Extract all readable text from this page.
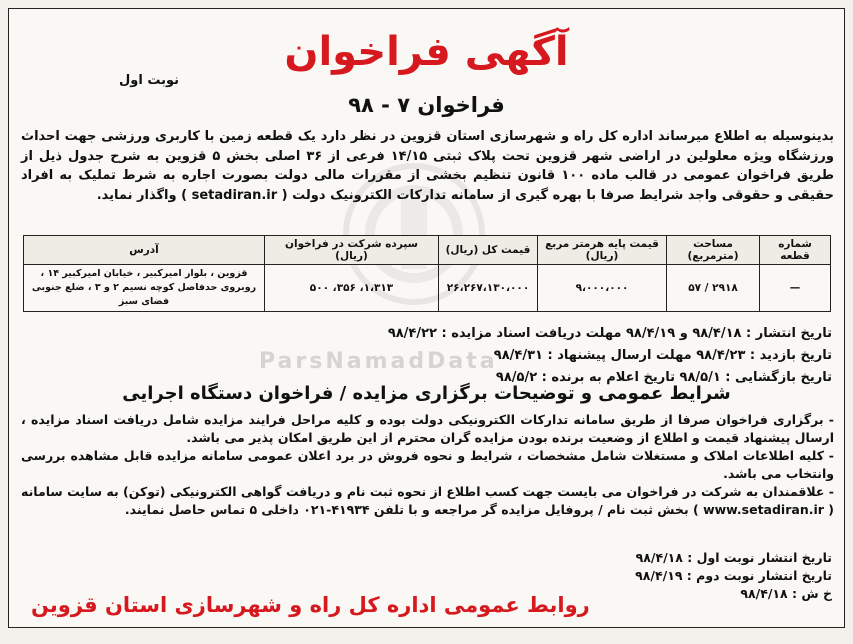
نوبت اول
آگهی فراخوان
فراخوان ۷ - ۹۸
بدینوسیله به اطلاع میرساند اداره کل راه و شهرسازی استان قزوین در نظر دارد یک قطعه زمین با کاربری ورزشی جهت احداث ورزشگاه ویژه معلولین در اراضی شهر قزوین تحت پلاک ثبتی ۱۴/۱۵ فرعی از ۳۶ اصلی بخش ۵ قزوین به شرح جدول ذیل از طریق فراخوان عمومی در قالب ماده ۱۰۰ قانون تنظیم بخشی از مقررات مالی دولت بصورت اجاره به شرط تملیک به افراد حقیقی و حقوقی واجد شرایط صرفا با بهره گیری از سامانه تدارکات الکترونیک دولت ( setadiran.ir ) واگذار نماید.
شماره قطعه	مساحت (مترمربع)	قیمت پایه هرمتر مربع (ریال)	قیمت کل (ریال)	سپرده شرکت در فراخوان (ریال)	آدرس
—	۲۹۱۸ / ۵۷	۹،۰۰۰،۰۰۰	۲۶،۲۶۷،۱۳۰،۰۰۰	۱،۳۱۳، ۳۵۶، ۵۰۰	قزوین ، بلوار امیرکبیر ، خیابان امیرکبیر ۱۴ ، روبروی حدفاصل کوچه نسیم ۲ و ۳ ، ضلع جنوبی فضای سبز
ParsNamadData
تاریخ انتشار : ۹۸/۴/۱۸ و ۹۸/۴/۱۹ مهلت دریافت اسناد مزایده : ۹۸/۴/۲۲
تاریخ بازدید : ۹۸/۴/۲۳ مهلت ارسال پیشنهاد : ۹۸/۴/۳۱
تاریخ بازگشایی : ۹۸/۵/۱ تاریخ اعلام به برنده : ۹۸/۵/۲
شرایط عمومی و توضیحات برگزاری مزایده / فراخوان دستگاه اجرایی

- برگزاری فراخوان صرفا از طریق سامانه تدارکات الکترونیکی دولت بوده و کلیه مراحل فرایند مزایده شامل دریافت اسناد مزایده ، ارسال پیشنهاد قیمت و اطلاع از وضعیت برنده بودن مزایده گران محترم از این طریق امکان پذیر می باشد.

- کلیه اطلاعات املاک و مستغلات شامل مشخصات ، شرایط و نحوه فروش در برد اعلان عمومی سامانه مزایده قابل مشاهده بررسی وانتخاب می باشد.

- علاقمندان به شرکت در فراخوان می بایست جهت کسب اطلاع از نحوه ثبت نام و دریافت گواهی الکترونیکی (توکن) به سایت سامانه ( www.setadiran.ir ) بخش ثبت نام / پروفایل مزایده گر مراجعه و با تلفن ۴۱۹۳۴-۰۲۱ داخلی ۵ تماس حاصل نمایند.

تاریخ انتشار نوبت اول : ۹۸/۴/۱۸
تاریخ انتشار نوبت دوم : ۹۸/۴/۱۹
خ ش : ۹۸/۴/۱۸
روابط عمومی اداره کل راه و شهرسازی استان قزوین
